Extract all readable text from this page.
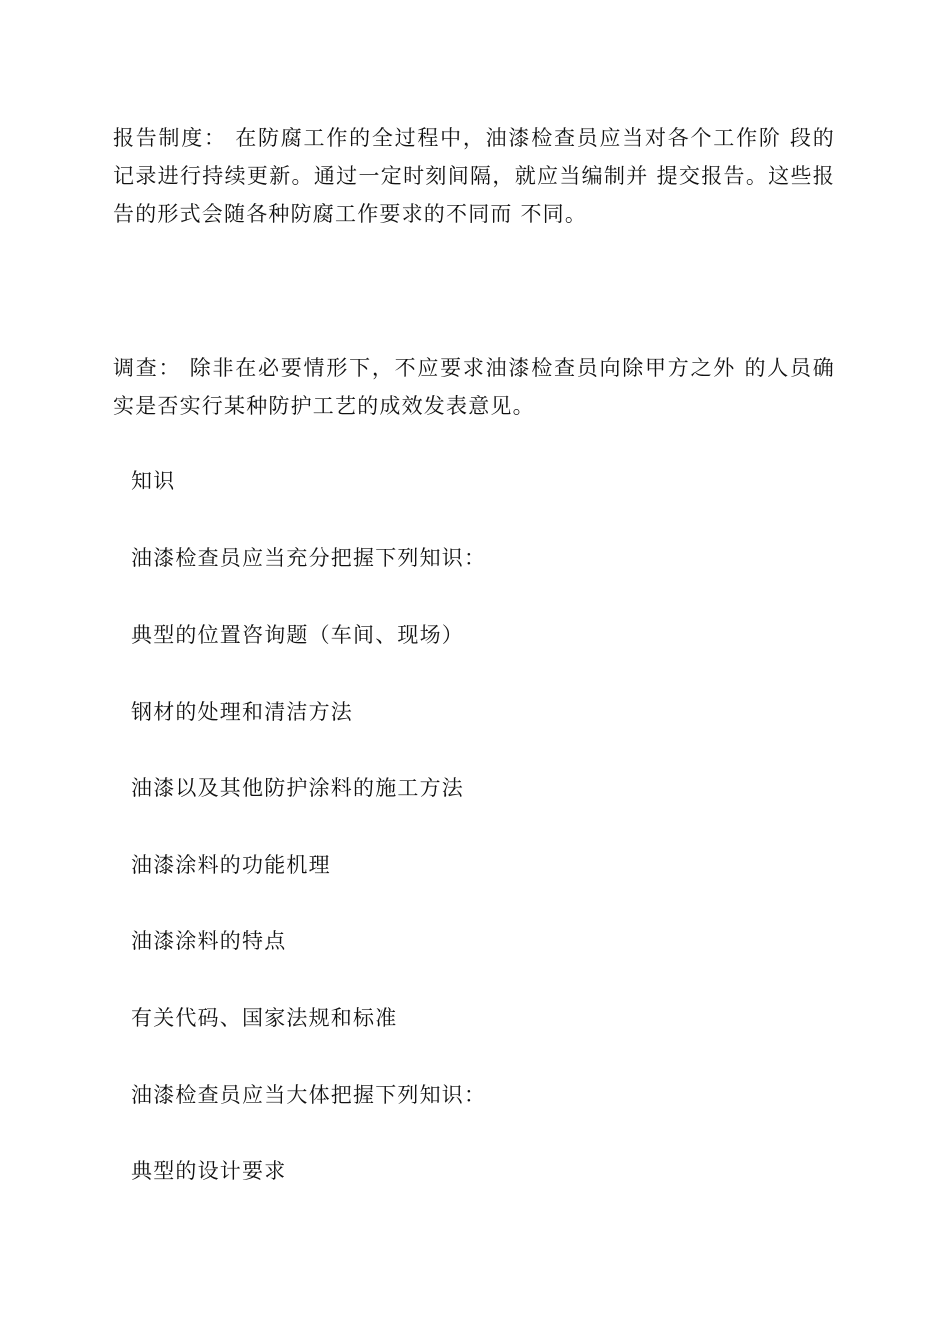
报告制度： 在防腐工作的全过程中，油漆检查员应当对各个工作阶 段的记录进行持续更新。通过一定时刻间隔，就应当编制并 提交报告。这些报告的形式会随各种防腐工作要求的不同而 不同。

调查： 除非在必要情形下，不应要求油漆检查员向除甲方之外 的人员确实是否实行某种防护工艺的成效发表意见。

知识

油漆检查员应当充分把握下列知识：

典型的位置咨询题（车间、现场）

钢材的处理和清洁方法

油漆以及其他防护涂料的施工方法

油漆涂料的功能机理

油漆涂料的特点

有关代码、国家法规和标准

油漆检查员应当大体把握下列知识：

典型的设计要求
